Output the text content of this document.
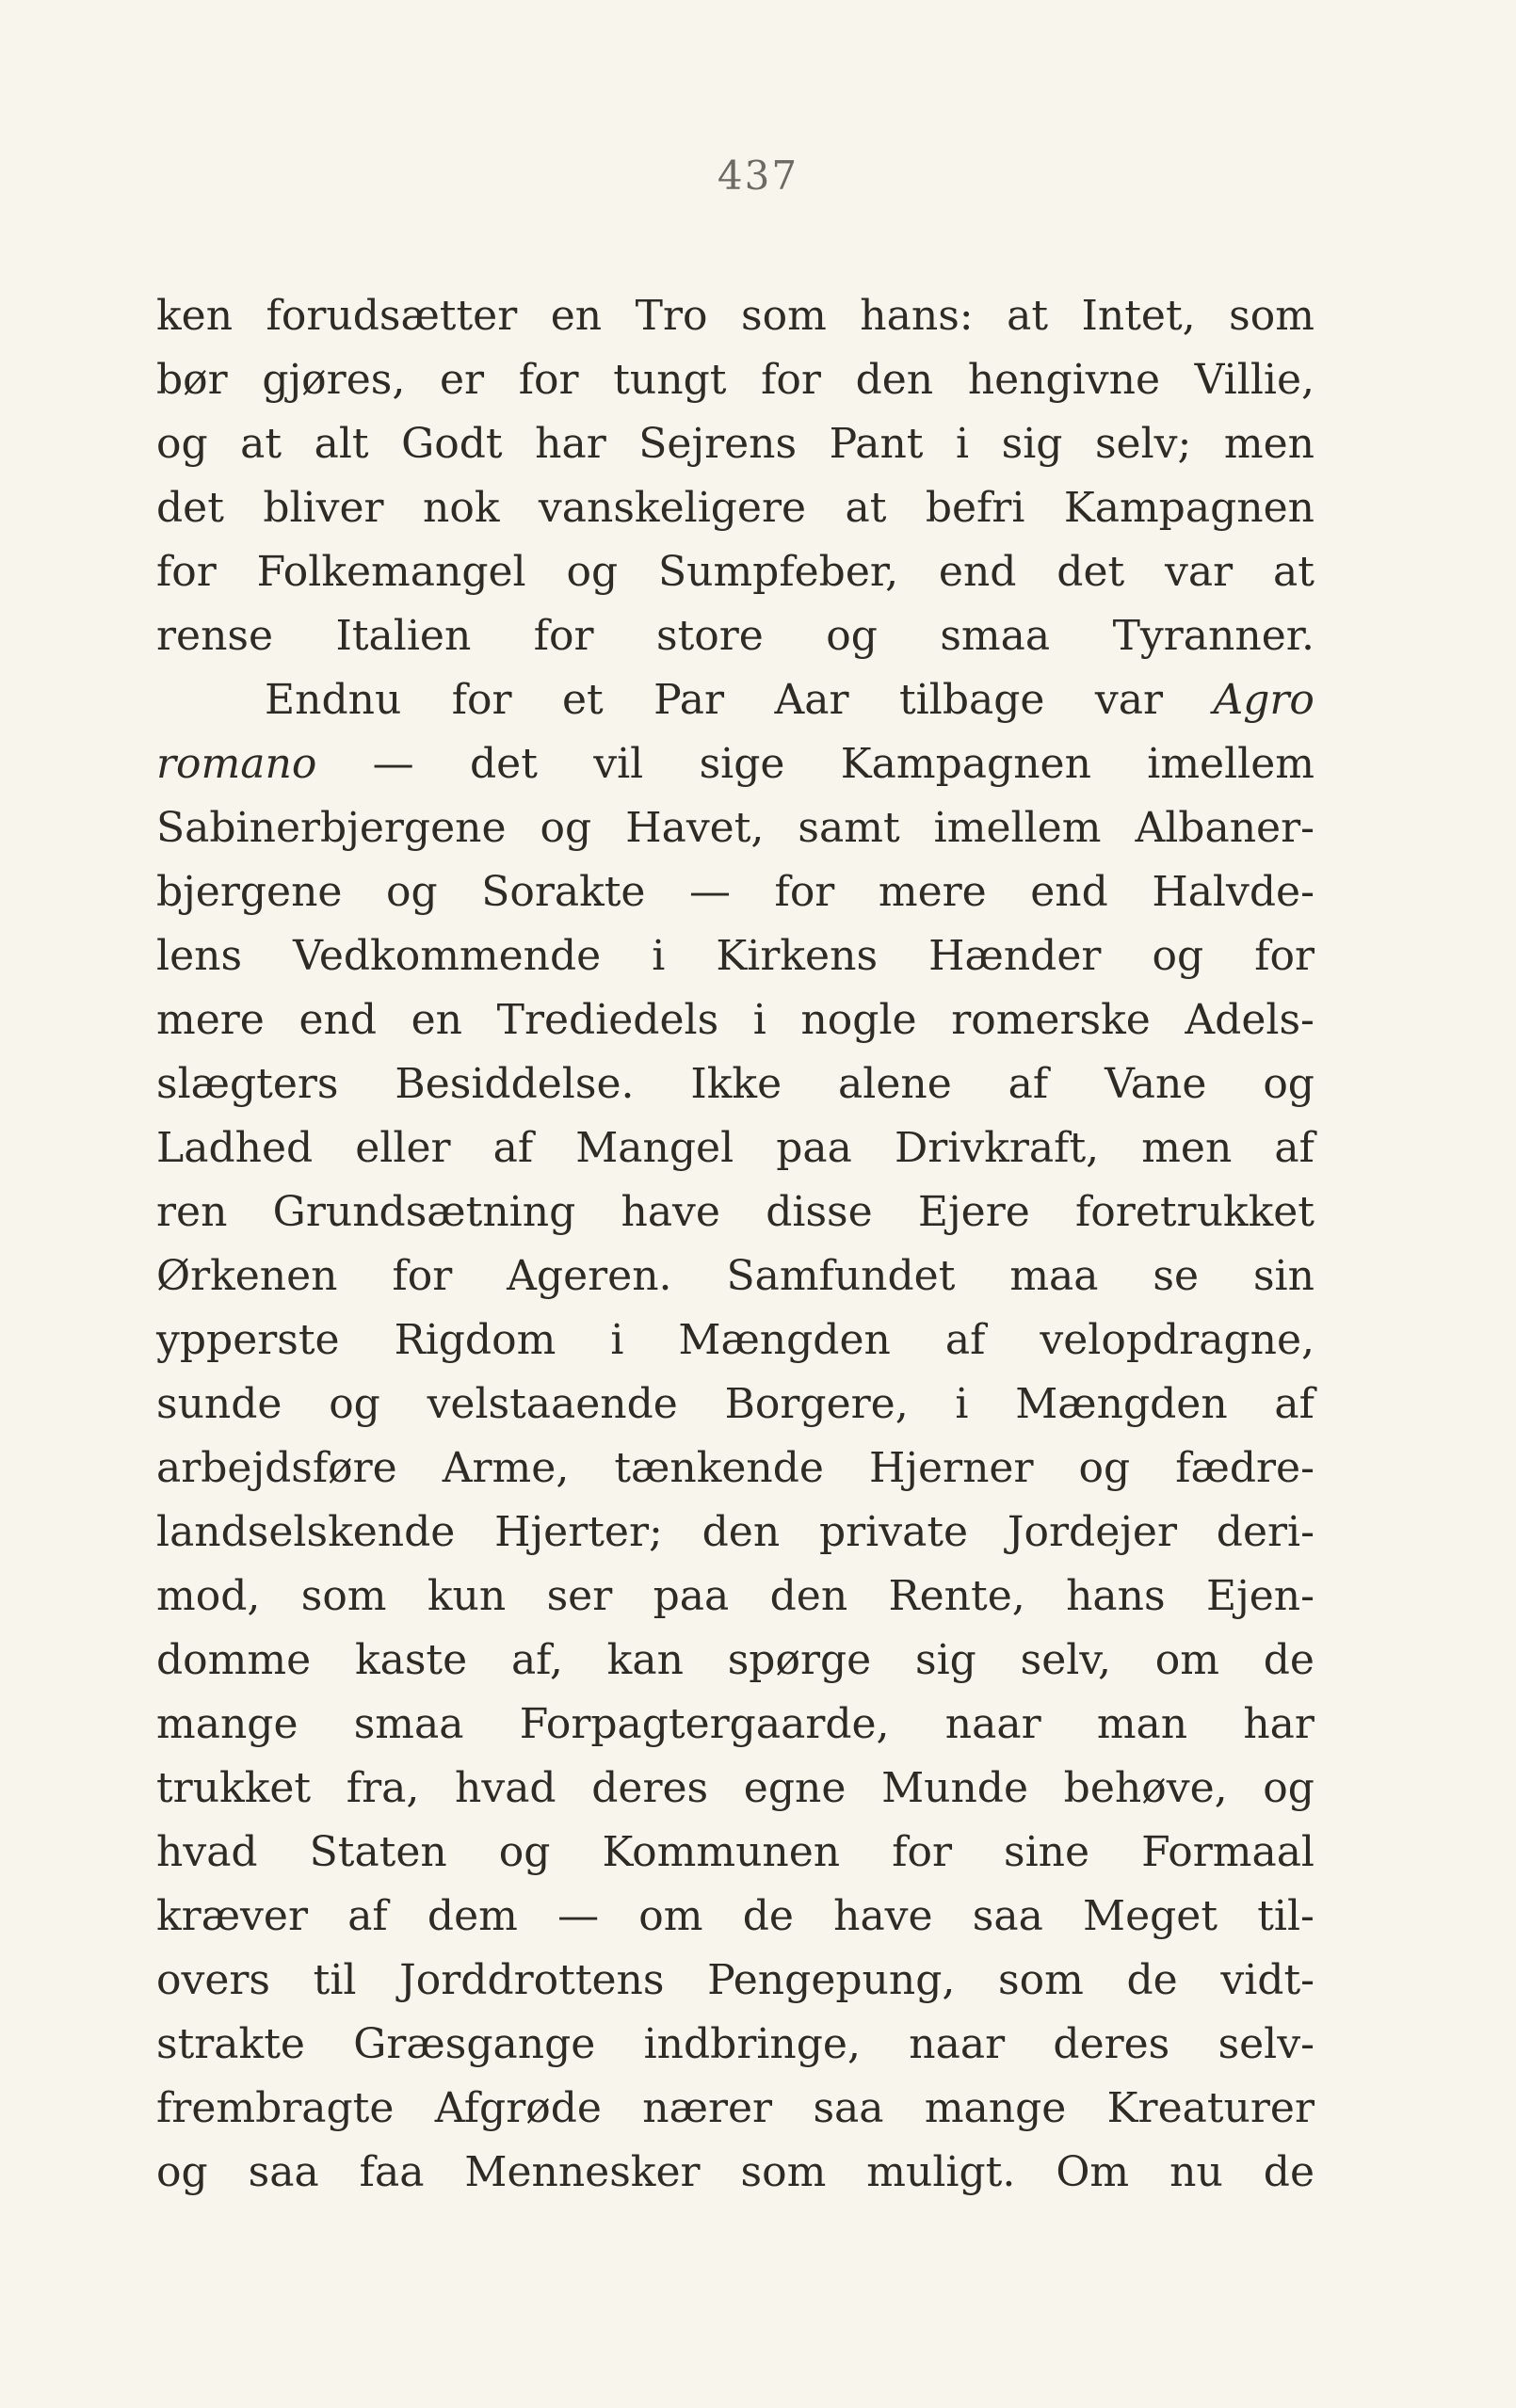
437
ken forudsætter en Tro som hans: at Intet, som
bør gjøres, er for tungt for den hengivne Villie,
og at alt Godt har Sejrens Pant i sig selv; men
det bliver nok vanskeligere at befri Kampagnen
for Folkemangel og Sumpfeber, end det var at
rense Italien for store og smaa Tyranner.
Endnu for et Par Aar tilbage var Agro
romano — det vil sige Kampagnen imellem
Sabinerbjergene og Havet, samt imellem Albaner-
bjergene og Sorakte — for mere end Halvde-
lens Vedkommende i Kirkens Hænder og for
mere end en Trediedels i nogle romerske Adels-
slægters Besiddelse. Ikke alene af Vane og
Ladhed eller af Mangel paa Drivkraft, men af
ren Grundsætning have disse Ejere foretrukket
Ørkenen for Ageren. Samfundet maa se sin
ypperste Rigdom i Mængden af velopdragne,
sunde og velstaaende Borgere, i Mængden af
arbejdsføre Arme, tænkende Hjerner og fædre-
landselskende Hjerter; den private Jordejer deri-
mod, som kun ser paa den Rente, hans Ejen-
domme kaste af, kan spørge sig selv, om de
mange smaa Forpagtergaarde, naar man har
trukket fra, hvad deres egne Munde behøve, og
hvad Staten og Kommunen for sine Formaal
kræver af dem — om de have saa Meget til-
overs til Jorddrottens Pengepung, som de vidt-
strakte Græsgange indbringe, naar deres selv-
frembragte Afgrøde nærer saa mange Kreaturer
og saa faa Mennesker som muligt. Om nu de
